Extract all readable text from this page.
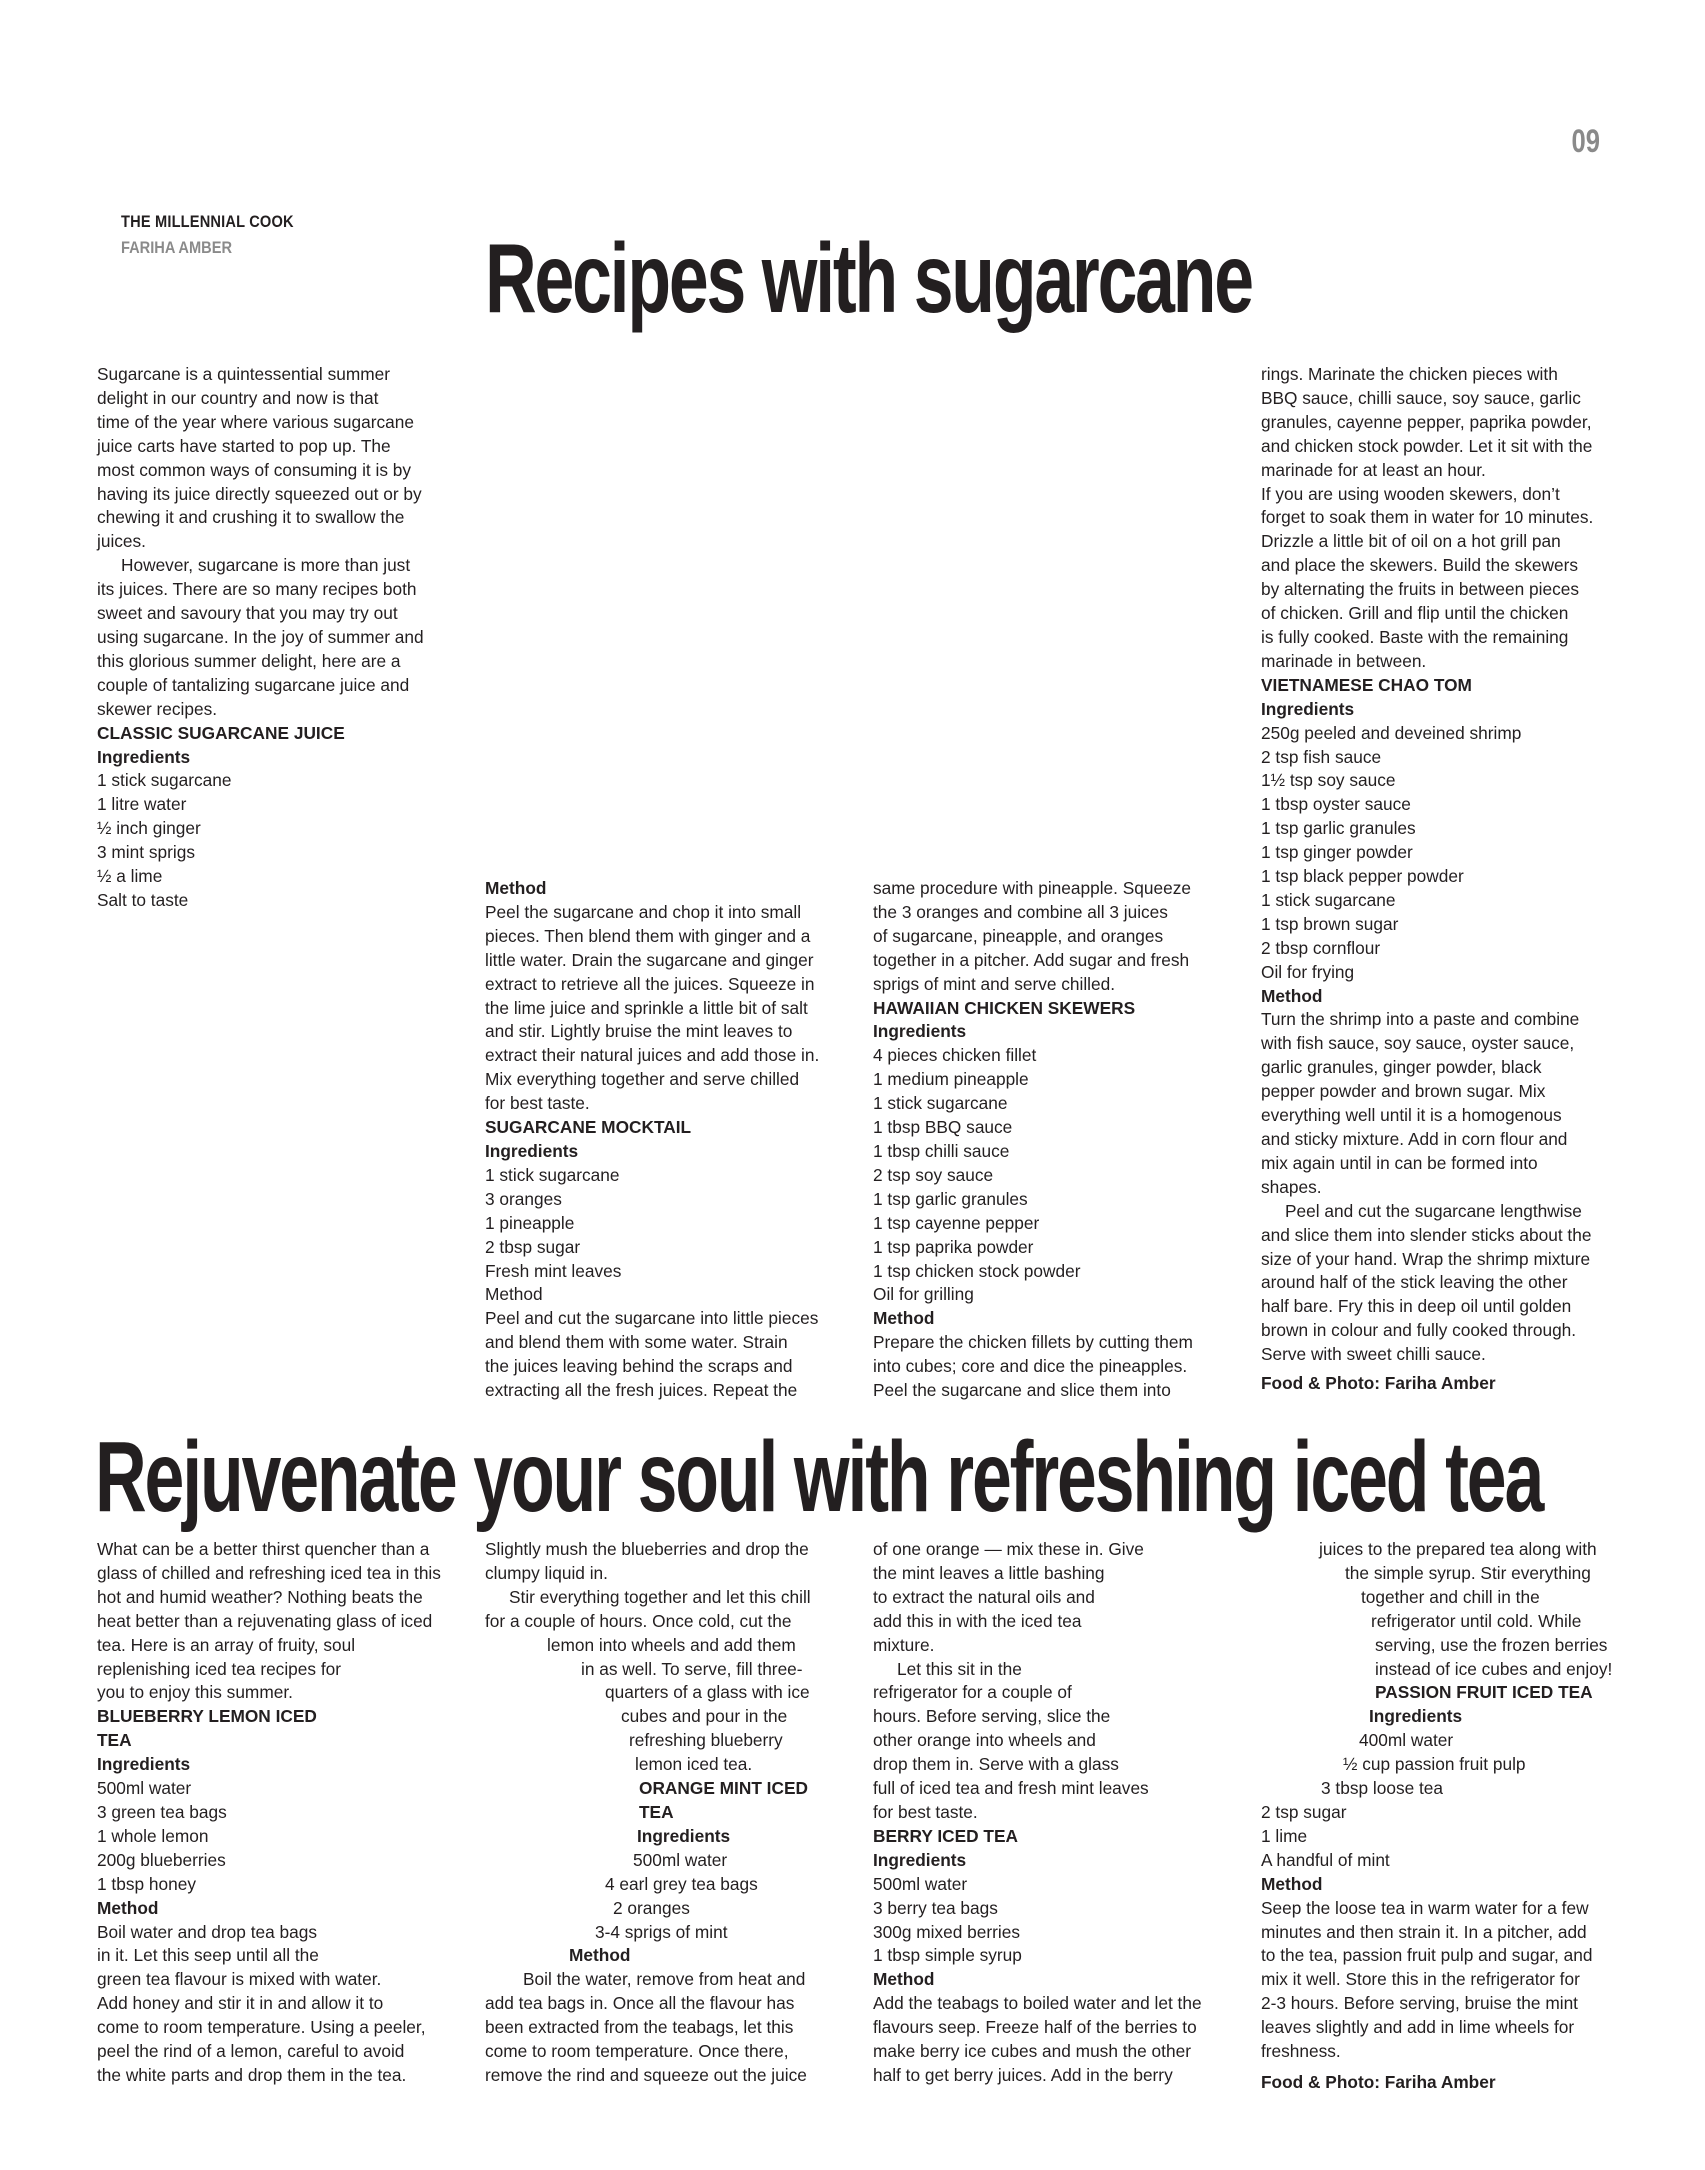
09
THE MILLENNIAL COOK
FARIHA AMBER	Recipes with sugarcane

Sugarcane is a quintessential summer

delight in our country and now is that

time of the year where various sugarcane

juice carts have started to pop up. The

most common ways of consuming it is by

having its juice directly squeezed out or by

chewing it and crushing it to swallow the

juices.

However, sugarcane is more than just

its juices. There are so many recipes both

sweet and savoury that you may try out

using sugarcane. In the joy of summer and

this glorious summer delight, here are a

couple of tantalizing sugarcane juice and

skewer recipes.

CLASSIC SUGARCANE JUICE

Ingredients

1 stick sugarcane

1 litre water

½ inch ginger

3 mint sprigs

½ a lime

Salt to taste

Method

Peel the sugarcane and chop it into small

pieces. Then blend them with ginger and a

little water. Drain the sugarcane and ginger

extract to retrieve all the juices. Squeeze in

the lime juice and sprinkle a little bit of salt

and stir. Lightly bruise the mint leaves to

extract their natural juices and add those in.

Mix everything together and serve chilled

for best taste.

SUGARCANE MOCKTAIL

Ingredients

1 stick sugarcane

3 oranges

1 pineapple

2 tbsp sugar

Fresh mint leaves

Method

Peel and cut the sugarcane into little pieces

and blend them with some water. Strain

the juices leaving behind the scraps and

extracting all the fresh juices. Repeat the

same procedure with pineapple. Squeeze

the 3 oranges and combine all 3 juices

of sugarcane, pineapple, and oranges

together in a pitcher. Add sugar and fresh

sprigs of mint and serve chilled.

HAWAIIAN CHICKEN SKEWERS

Ingredients

4 pieces chicken fillet

1 medium pineapple

1 stick sugarcane

1 tbsp BBQ sauce

1 tbsp chilli sauce

2 tsp soy sauce

1 tsp garlic granules

1 tsp cayenne pepper

1 tsp paprika powder

1 tsp chicken stock powder

Oil for grilling

Method

Prepare the chicken fillets by cutting them

into cubes; core and dice the pineapples.

Peel the sugarcane and slice them into

rings. Marinate the chicken pieces with

BBQ sauce, chilli sauce, soy sauce, garlic

granules, cayenne pepper, paprika powder,

and chicken stock powder. Let it sit with the

marinade for at least an hour.

If you are using wooden skewers, don’t

forget to soak them in water for 10 minutes.

Drizzle a little bit of oil on a hot grill pan

and place the skewers. Build the skewers

by alternating the fruits in between pieces

of chicken. Grill and flip until the chicken

is fully cooked. Baste with the remaining

marinade in between.

VIETNAMESE CHAO TOM

Ingredients

250g peeled and deveined shrimp

2 tsp fish sauce

1½ tsp soy sauce

1 tbsp oyster sauce

1 tsp garlic granules

1 tsp ginger powder

1 tsp black pepper powder

1 stick sugarcane

1 tsp brown sugar

2 tbsp cornflour

Oil for frying

Method

Turn the shrimp into a paste and combine

with fish sauce, soy sauce, oyster sauce,

garlic granules, ginger powder, black

pepper powder and brown sugar. Mix

everything well until it is a homogenous

and sticky mixture. Add in corn flour and

mix again until in can be formed into

shapes.

Peel and cut the sugarcane lengthwise

and slice them into slender sticks about the

size of your hand. Wrap the shrimp mixture

around half of the stick leaving the other

half bare. Fry this in deep oil until golden

brown in colour and fully cooked through.

Serve with sweet chilli sauce.

Food & Photo: Fariha Amber
Rejuvenate your soul with refreshing iced tea

What can be a better thirst quencher than a

glass of chilled and refreshing iced tea in this

hot and humid weather? Nothing beats the

heat better than a rejuvenating glass of iced

tea. Here is an array of fruity, soul

replenishing iced tea recipes for

you to enjoy this summer.

BLUEBERRY LEMON ICED

TEA

Ingredients

500ml water

3 green tea bags

1 whole lemon

200g blueberries

1 tbsp honey

Method

Boil water and drop tea bags

in it. Let this seep until all the

green tea flavour is mixed with water.

Add honey and stir it in and allow it to

come to room temperature. Using a peeler,

peel the rind of a lemon, careful to avoid

the white parts and drop them in the tea.

Slightly mush the blueberries and drop the

clumpy liquid in.

Stir everything together and let this chill

for a couple of hours. Once cold, cut the

lemon into wheels and add them

in as well. To serve, fill three-

quarters of a glass with ice

cubes and pour in the

refreshing blueberry

lemon iced tea.

ORANGE MINT ICED

TEA

Ingredients

500ml water

4 earl grey tea bags

2 oranges

3-4 sprigs of mint

Method

Boil the water, remove from heat and

add tea bags in. Once all the flavour has

been extracted from the teabags, let this

come to room temperature. Once there,

remove the rind and squeeze out the juice

of one orange — mix these in. Give

the mint leaves a little bashing

to extract the natural oils and

add this in with the iced tea

mixture.

Let this sit in the

refrigerator for a couple of

hours. Before serving, slice the

other orange into wheels and

drop them in. Serve with a glass

full of iced tea and fresh mint leaves

for best taste.

BERRY ICED TEA

Ingredients

500ml water

3 berry tea bags

300g mixed berries

1 tbsp simple syrup

Method

Add the teabags to boiled water and let the

flavours seep. Freeze half of the berries to

make berry ice cubes and mush the other

half to get berry juices. Add in the berry

juices to the prepared tea along with

the simple syrup. Stir everything

together and chill in the

refrigerator until cold. While

serving, use the frozen berries

instead of ice cubes and enjoy!

PASSION FRUIT ICED TEA

Ingredients

400ml water

½ cup passion fruit pulp

3 tbsp loose tea

2 tsp sugar

1 lime

A handful of mint

Method

Seep the loose tea in warm water for a few

minutes and then strain it. In a pitcher, add

to the tea, passion fruit pulp and sugar, and

mix it well. Store this in the refrigerator for

2-3 hours. Before serving, bruise the mint

leaves slightly and add in lime wheels for

freshness.

Food & Photo: Fariha Amber
